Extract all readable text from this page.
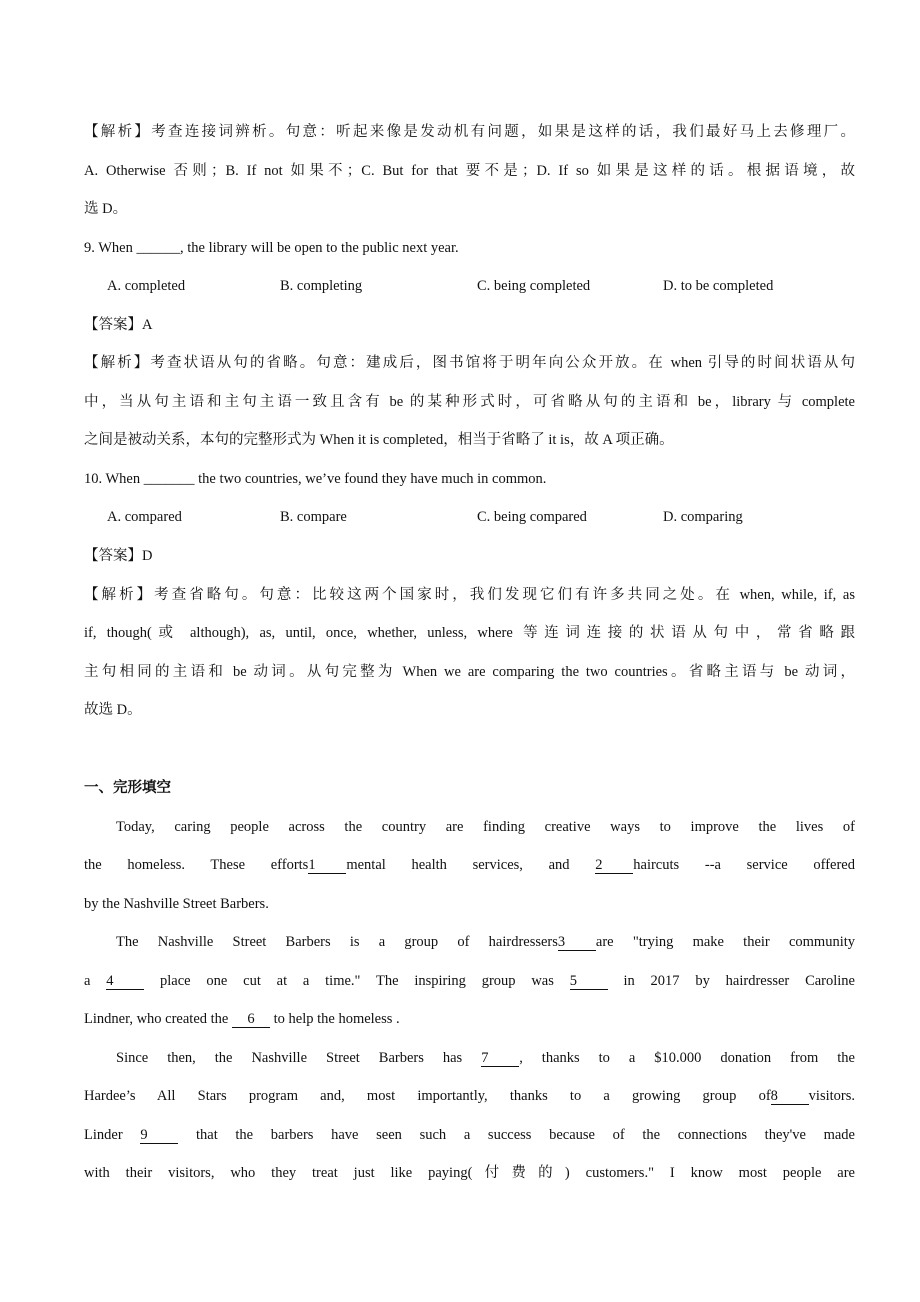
【解析】考查连接词辨析。句意：听起来像是发动机有问题，如果是这样的话，我们最好马上去修理厂。
A. Otherwise 否则；B. If not 如果不；C. But for that 要不是；D. If so 如果是这样的话。根据语境，故
选 D。
9. When ______, the library will be open to the public next year.
【答案】A
【解析】考查状语从句的省略。句意：建成后，图书馆将于明年向公众开放。在 when 引导的时间状语从句
中，当从句主语和主句主语一致且含有 be 的某种形式时，可省略从句的主语和 be，library 与 complete
之间是被动关系，本句的完整形式为 When it is completed，相当于省略了 it is，故 A 项正确。
10. When _______ the two countries, we’ve found they have much in common.
【答案】D
【解析】考查省略句。句意：比较这两个国家时，我们发现它们有许多共同之处。在 when, while, if, as
if, though(或 although), as, until, once, whether, unless, where 等连词连接的状语从句中，常省略跟
主句相同的主语和 be 动词。从句完整为 When we are comparing the two countries。省略主语与 be 动词，
故选 D。
一、完形填空
Today, caring people across the country are finding creative ways to improve the lives of
the homeless. These efforts1 mental health services, and 2 haircuts --a service offered
by the Nashville Street Barbers.
The Nashville Street Barbers is a group of hairdressers3 are "trying make their community
a 4 place one cut at a time." The inspiring group was 5 in 2017 by hairdresser Caroline
Lindner, who created the 6 to help the homeless .
Since then, the Nashville Street Barbers has 7 , thanks to a $10.000 donation from the
Hardee’s All Stars program and, most importantly, thanks to a growing group of8 visitors.
Linder 9 that the barbers have seen such a success because of the connections they've made
with their visitors, who they treat just like paying(付费的) customers." I know most people are
A. completed	B. completing	C. being completed	D. to be completed
A. compared	B. compare	C. being compared	D. comparing
